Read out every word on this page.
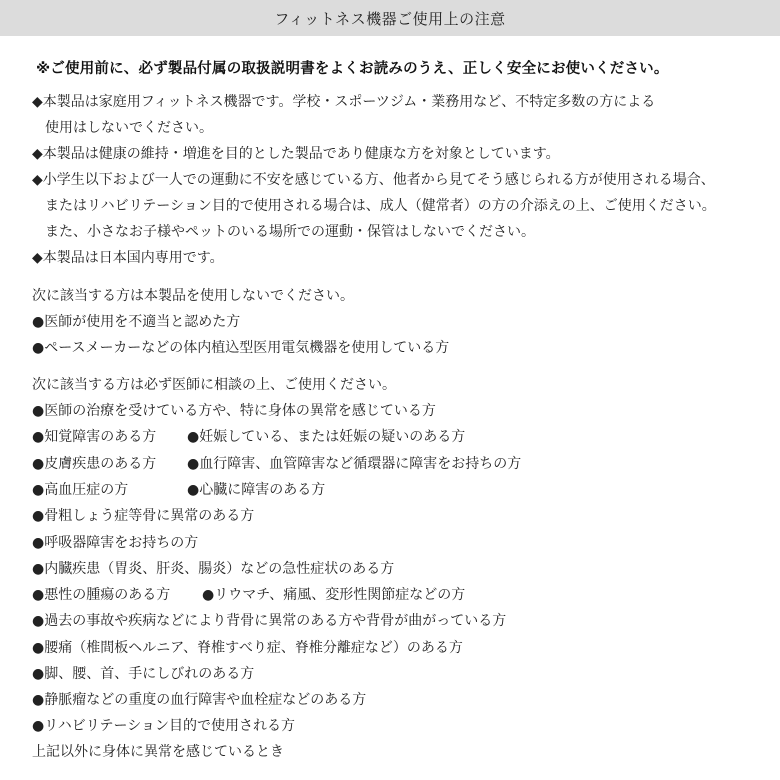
フィットネス機器ご使用上の注意
※ご使用前に、必ず製品付属の取扱説明書をよくお読みのうえ、正しく安全にお使いください。
◆本製品は家庭用フィットネス機器です。学校・スポーツジム・業務用など、不特定多数の方による
使用はしないでください。
◆本製品は健康の維持・増進を目的とした製品であり健康な方を対象としています。
◆小学生以下および一人での運動に不安を感じている方、他者から見てそう感じられる方が使用される場合、
またはリハビリテーション目的で使用される場合は、成人（健常者）の方の介添えの上、ご使用ください。
また、小さなお子様やペットのいる場所での運動・保管はしないでください。
◆本製品は日本国内専用です。
次に該当する方は本製品を使用しないでください。
●医師が使用を不適当と認めた方
●ペースメーカーなどの体内植込型医用電気機器を使用している方
次に該当する方は必ず医師に相談の上、ご使用ください。
●医師の治療を受けている方や、特に身体の異常を感じている方
●知覚障害のある方 ●妊娠している、または妊娠の疑いのある方
●皮膚疾患のある方 ●血行障害、血管障害など循環器に障害をお持ちの方
●高血圧症の方	●心臓に障害のある方
●骨粗しょう症等骨に異常のある方
●呼吸器障害をお持ちの方
●内臓疾患（胃炎、肝炎、腸炎）などの急性症状のある方
●悪性の腫瘍のある方 ●リウマチ、痛風、変形性関節症などの方
●過去の事故や疾病などにより背骨に異常のある方や背骨が曲がっている方
●腰痛（椎間板ヘルニア、脊椎すべり症、脊椎分離症など）のある方
●脚、腰、首、手にしびれのある方
●静脈瘤などの重度の血行障害や血栓症などのある方
●リハビリテーション目的で使用される方
上記以外に身体に異常を感じているとき
